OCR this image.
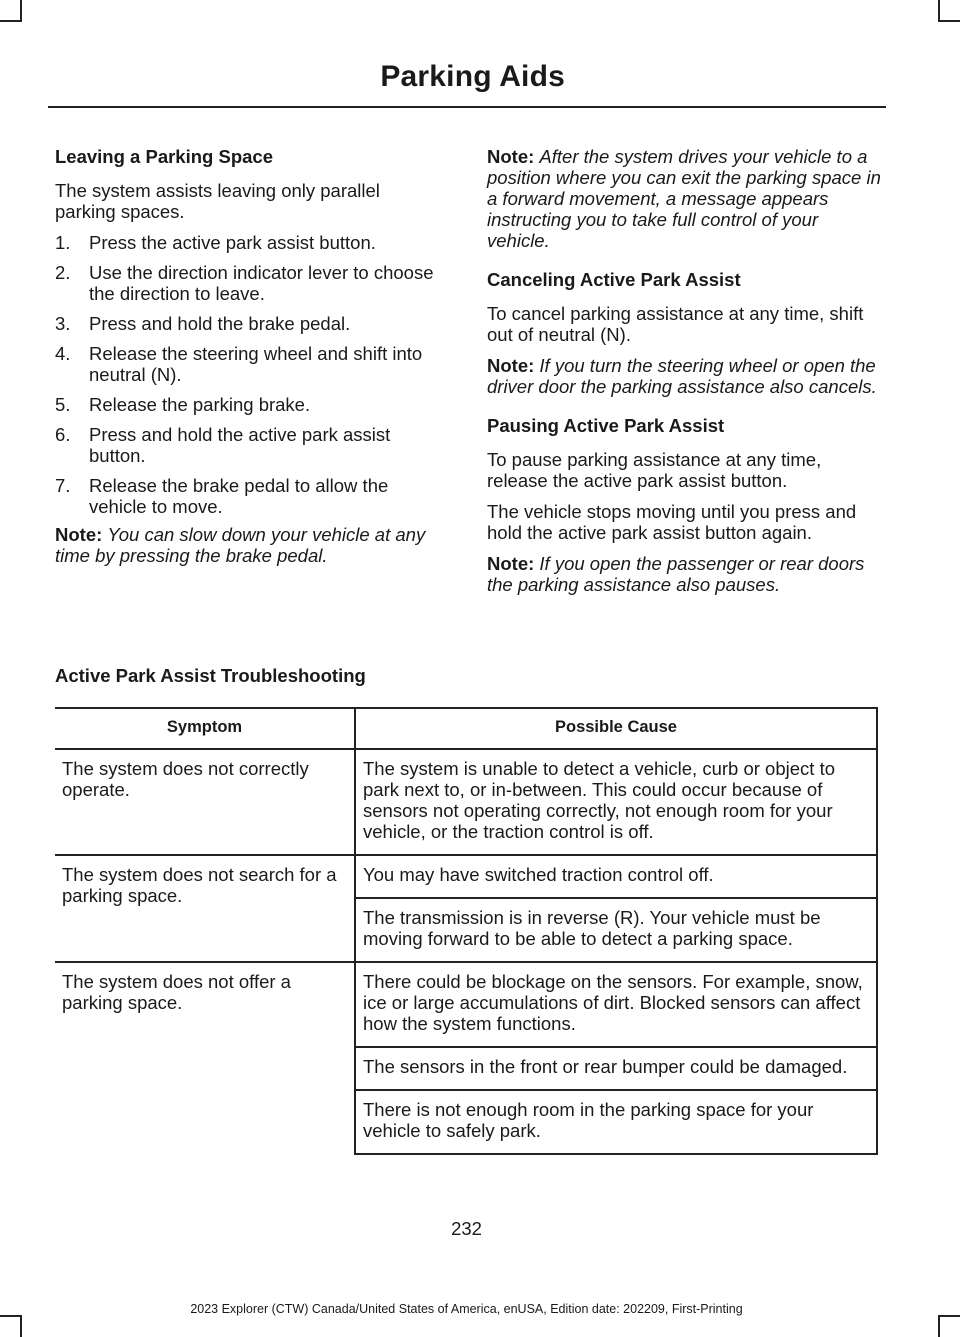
Parking Aids
Leaving a Parking Space

The system assists leaving only parallel parking spaces.

1. Press the active park assist button.
2. Use the direction indicator lever to choose the direction to leave.
3. Press and hold the brake pedal.
4. Release the steering wheel and shift into neutral (N).
5. Release the parking brake.
6. Press and hold the active park assist button.
7. Release the brake pedal to allow the vehicle to move.

Note: You can slow down your vehicle at any time by pressing the brake pedal.

Note: After the system drives your vehicle to a position where you can exit the parking space in a forward movement, a message appears instructing you to take full control of your vehicle.

Canceling Active Park Assist

To cancel parking assistance at any time, shift out of neutral (N).

Note: If you turn the steering wheel or open the driver door the parking assistance also cancels.

Pausing Active Park Assist

To pause parking assistance at any time, release the active park assist button.

The vehicle stops moving until you press and hold the active park assist button again.

Note: If you open the passenger or rear doors the parking assistance also pauses.

Active Park Assist Troubleshooting
Symptom	Possible Cause
The system does not correctly operate.	The system is unable to detect a vehicle, curb or object to park next to, or in-between. This could occur because of sensors not operating correctly, not enough room for your vehicle, or the traction control is off.
The system does not search for a parking space.	You may have switched traction control off.
	The transmission is in reverse (R). Your vehicle must be moving forward to be able to detect a parking space.
The system does not offer a parking space.	There could be blockage on the sensors. For example, snow, ice or large accumulations of dirt. Blocked sensors can affect how the system functions.
	The sensors in the front or rear bumper could be damaged.
	There is not enough room in the parking space for your vehicle to safely park.
232
2023 Explorer (CTW) Canada/United States of America, enUSA, Edition date: 202209, First-Printing
